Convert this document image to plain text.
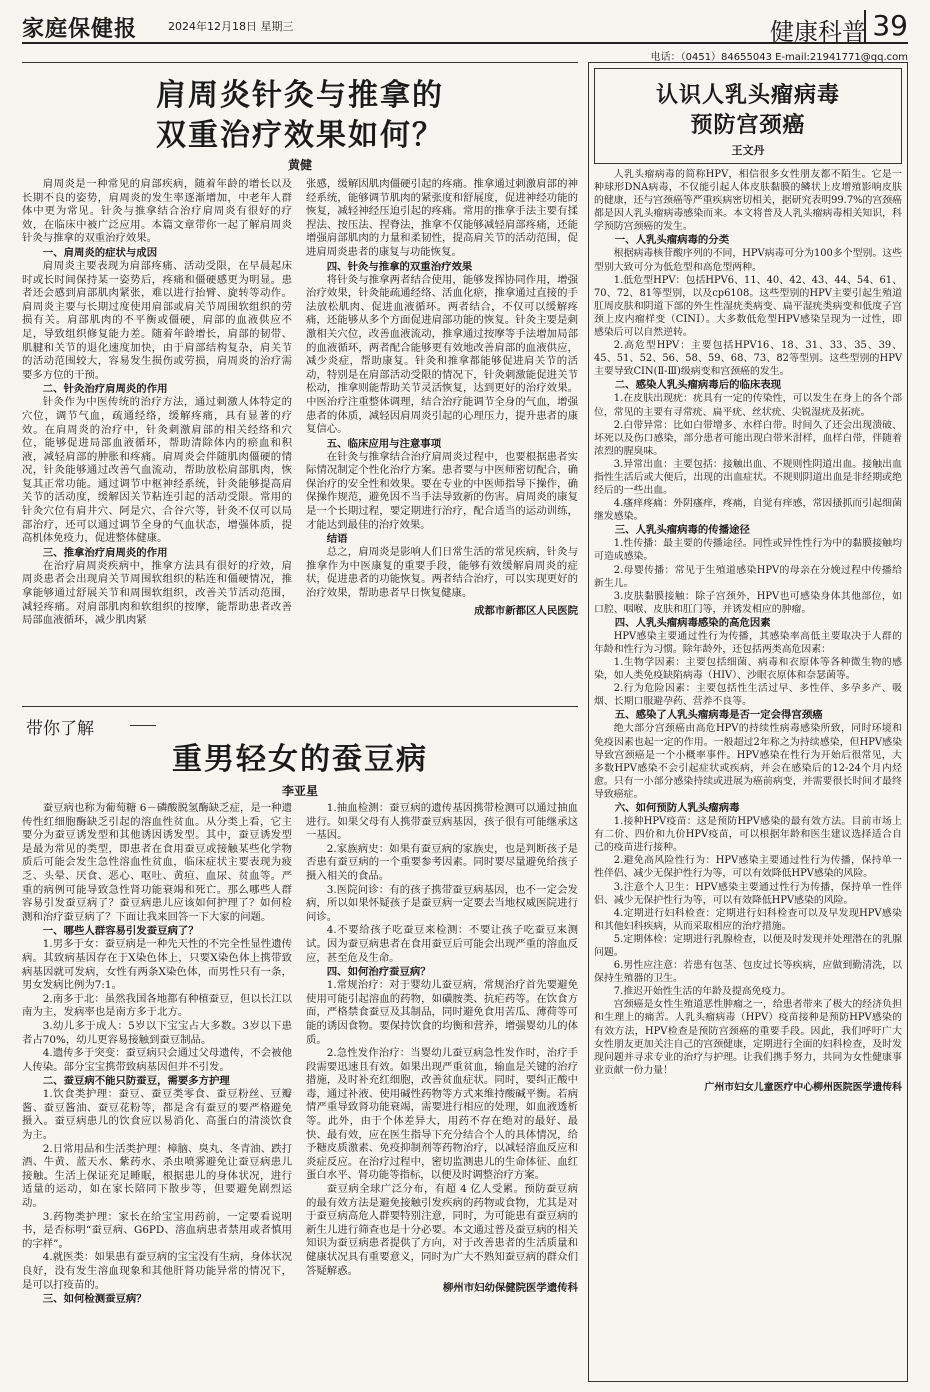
家庭保健报	2024年12月18日 星期三	健康科普 39
电话：（0451）84655043 E-mail:21941771@qq.com
肩周炎针灸与推拿的
双重治疗效果如何？
黄健

肩周炎是一种常见的肩部疾病，随着年龄的增长以及长期不良的姿势，肩周炎的发生率逐渐增加，中老年人群体中更为常见。针灸与推拿结合治疗肩周炎有很好的疗效，在临床中被广泛应用。本篇文章带你一起了解肩周炎针灸与推拿的双重治疗效果。

一、肩周炎的症状与成因

肩周炎主要表现为肩部疼痛、活动受限，在早晨起床时或长时间保持某一姿势后，疼痛和僵硬感更为明显。患者还会感到肩部肌肉紧张，难以进行抬臂、旋转等动作。肩周炎主要与长期过度使用肩部或肩关节周围软组织的劳损有关。肩部肌肉的不平衡或僵硬，肩部的血液供应不足，导致组织修复能力差。随着年龄增长，肩部的韧带、肌腱和关节的退化速度加快，由于肩部结构复杂，肩关节的活动范围较大，容易发生损伤或劳损，肩周炎的治疗需要多方位的干预。

二、针灸治疗肩周炎的作用

针灸作为中医传统的治疗方法，通过刺激人体特定的穴位，调节气血，疏通经络，缓解疼痛，具有显著的疗效。在肩周炎的治疗中，针灸刺激肩部的相关经络和穴位，能够促进局部血液循环，帮助清除体内的瘀血和积液，减轻肩部的肿胀和疼痛。肩周炎会伴随肌肉僵硬的情况，针灸能够通过改善气血流动，帮助放松肩部肌肉，恢复其正常功能。通过调节中枢神经系统，针灸能够提高肩关节的活动度，缓解因关节粘连引起的活动受限。常用的针灸穴位有肩井穴、阿是穴、合谷穴等，针灸不仅可以局部治疗，还可以通过调节全身的气血状态，增强体质，提高机体免疫力，促进整体健康。

三、推拿治疗肩周炎的作用

在治疗肩周炎疾病中，推拿方法具有很好的疗效，肩周炎患者会出现肩关节周围软组织的粘连和僵硬情况，推拿能够通过舒展关节和周围软组织，改善关节活动范围，减轻疼痛。对肩部肌肉和软组织的按摩，能帮助患者改善局部血液循环，减少肌肉紧

张感，缓解因肌肉僵硬引起的疼痛。推拿通过刺激肩部的神经系统，能够调节肌肉的紧张度和舒展度，促进神经功能的恢复，减轻神经压迫引起的疼痛。常用的推拿手法主要有揉捏法、按压法、捏脊法，推拿不仅能够减轻肩部疼痛，还能增强肩部肌肉的力量和柔韧性，提高肩关节的活动范围，促进肩周炎患者的康复与功能恢复。

四、针灸与推拿的双重治疗效果

将针灸与推拿两者结合使用，能够发挥协同作用，增强治疗效果，针灸能疏通经络、活血化瘀，推拿通过直接的手法放松肌肉、促进血液循环。两者结合，不仅可以缓解疼痛，还能够从多个方面促进肩部功能的恢复。针灸主要是刺激相关穴位，改善血液流动，推拿通过按摩等手法增加局部的血液循环，两者配合能够更有效地改善肩部的血液供应，减少炎症，帮助康复。针灸和推拿都能够促进肩关节的活动，特别是在肩部活动受限的情况下，针灸刺激能促进关节松动，推拿则能帮助关节灵活恢复，达到更好的治疗效果。中医治疗注重整体调理，结合治疗能调节全身的气血，增强患者的体质，减轻因肩周炎引起的心理压力，提升患者的康复信心。

五、临床应用与注意事项

在针灸与推拿结合治疗肩周炎过程中，也要根据患者实际情况制定个性化治疗方案。患者要与中医师密切配合，确保治疗的安全性和效果。要在专业的中医师指导下操作，确保操作规范，避免因不当手法导致新的伤害。肩周炎的康复是一个长期过程，要定期进行治疗，配合适当的运动训练，才能达到最佳的治疗效果。

结语

总之，肩周炎是影响人们日常生活的常见疾病，针灸与推拿作为中医康复的重要手段，能够有效缓解肩周炎的症状，促进患者的功能恢复。两者结合治疗，可以实现更好的治疗效果，帮助患者早日恢复健康。

成都市新都区人民医院

带你了解
重男轻女的蚕豆病
李亚星

蚕豆病也称为葡萄糖 6－磷酸脱氢酶缺乏症，是一种遗传性红细胞酶缺乏引起的溶血性贫血。从分类上看，它主要分为蚕豆诱发型和其他诱因诱发型。其中，蚕豆诱发型是最为常见的类型，即患者在食用蚕豆或接触某些化学物质后可能会发生急性溶血性贫血，临床症状主要表现为疲乏、头晕、厌食、恶心、呕吐、黄疸、血尿、贫血等。严重的病例可能导致急性肾功能衰竭和死亡。那么哪些人群容易引发蚕豆病了？蚕豆病患儿应该如何护理了？如何检测和治疗蚕豆病了？下面让我来回答一下大家的问题。

一、哪些人群容易引发蚕豆病了？

1.男多于女：蚕豆病是一种先天性的不完全性显性遗传病。其致病基因存在于X染色体上，只要X染色体上携带致病基因就可发病，女性有两条X染色体，而男性只有一条，男女发病比例为7:1。

2.南多于北：虽然我国各地都有种植蚕豆，但以长江以南为主，发病率也是南方多于北方。

3.幼儿多于成人：5岁以下宝宝占大多数。3岁以下患者占70%，幼儿更容易接触到蚕豆制品。

4.遗传多于突变：蚕豆病只会通过父母遗传，不会被他人传染。部分宝宝携带致病基因但并不引发。

二、蚕豆病不能只防蚕豆，需要多方护理

1.饮食类护理：蚕豆、蚕豆类零食、蚕豆粉丝、豆瓣酱、蚕豆酱油、蚕豆花粉等，都是含有蚕豆的要严格避免摄入。蚕豆病患儿的饮食应以易消化、高蛋白的清淡饮食为主。

2.日常用品和生活类护理：樟脑、臭丸、冬青油、跌打酒、牛黄、蓝天水、紫药水、杀虫喷雾避免让蚕豆病患儿接触。生活上保证充足睡眠，根据患儿的身体状况，进行适量的运动，如在家长陪同下散步等，但要避免剧烈运动。

3.药物类护理：家长在给宝宝用药前，一定要看说明书，是否标明“蚕豆病、G6PD、溶血病患者禁用或者慎用的字样”。

4.就医类：如果患有蚕豆病的宝宝没有生病，身体状况良好，没有发生溶血现象和其他肝肾功能异常的情况下，是可以打疫苗的。

三、如何检测蚕豆病？

1.抽血检测：蚕豆病的遗传基因携带检测可以通过抽血进行。如果父母有人携带蚕豆病基因，孩子很有可能继承这一基因。

2.家族病史：如果有蚕豆病的家族史，也是判断孩子是否患有蚕豆病的一个重要参考因素。同时要尽量避免给孩子摄入相关的食品。

3.医院问诊：有的孩子携带蚕豆病基因，也不一定会发病，所以如果怀疑孩子是蚕豆病一定要去当地权威医院进行问诊。

4.不要给孩子吃蚕豆来检测：不要让孩子吃蚕豆来测试。因为蚕豆病患者在食用蚕豆后可能会出现严重的溶血反应，甚至危及生命。

四、如何治疗蚕豆病？

1.常规治疗：对于婴幼儿蚕豆病，常规治疗首先要避免使用可能引起溶血的药物，如磺胺类、抗疟药等。在饮食方面，严格禁食蚕豆及其制品，同时避免食用苦瓜、薄荷等可能的诱因食物。要保持饮食的均衡和营养，增强婴幼儿的体质。

2.急性发作治疗：当婴幼儿蚕豆病急性发作时，治疗手段需要迅速且有效。如果出现严重贫血，输血是关键的治疗措施，及时补充红细胞，改善贫血症状。同时，要纠正酸中毒，通过补液、使用碱性药物等方式来维持酸碱平衡。若病情严重导致肾功能衰竭，需要进行相应的处理，如血液透析等。此外，由于个体差异大，用药不存在绝对的最好、最快、最有效，应在医生指导下充分结合个人的具体情况，给予糖皮质激素、免疫抑制剂等药物治疗，以减轻溶血反应和炎症反应。在治疗过程中，密切监测患儿的生命体征、血红蛋白水平、肾功能等指标，以便及时调整治疗方案。

蚕豆病全球广泛分布，有超 4 亿人受累。预防蚕豆病的最有效方法是避免接触引发疾病的药物或食物，尤其是对于蚕豆病高危人群要特别注意，同时，为可能患有蚕豆病的新生儿进行筛查也是十分必要。本文通过普及蚕豆病的相关知识为蚕豆病患者提供了方向，对于改善患者的生活质量和健康状况具有重要意义，同时为广大不熟知蚕豆病的群众们答疑解惑。

柳州市妇幼保健院医学遗传科

认识人乳头瘤病毒
预防宫颈癌
王文丹

人乳头瘤病毒的简称HPV，相信很多女性朋友都不陌生。它是一种球形DNA病毒，不仅能引起人体皮肤黏膜的鳞状上皮增殖影响皮肤的健康，还与宫颈癌等严重疾病密切相关，据研究表明99.7%的宫颈癌都是因人乳头瘤病毒感染而来。本文将普及人乳头瘤病毒相关知识，科学预防宫颈癌的发生。

一、人乳头瘤病毒的分类

根据病毒核苷酸序列的不同，HPV病毒可分为100多个型别。这些型别大致可分为低危型和高危型两种。

1.低危型HPV：包括HPV6、11、40、42、43、44、54、61、70、72、81等型别，以及cp6108。这些型别的HPV主要引起生殖道肛周皮肤和阴道下部的外生性湿疣类病变、扁平湿疣类病变和低度子宫颈上皮内瘤样变（CINⅠ）。大多数低危型HPV感染呈现为一过性，即感染后可以自然逆转。

2.高危型HPV：主要包括HPV16、18、31、33、35、39、45、51、52、56、58、59、68、73、82等型别。这些型别的HPV主要导致CIN(Ⅱ-Ⅲ)级病变和宫颈癌的发生。

二、感染人乳头瘤病毒后的临床表现

1.在皮肤出现疣：疣具有一定的传染性，可以发生在身上的各个部位，常见的主要有寻常疣、扁平疣、丝状疣、尖锐湿疣及拓疣。

2.白带异常：比如白带增多、水样白带。时间久了还会出现溃破、坏死以及伤口感染，部分患者可能出现白带米泔样，血样白带，伴随着浓烈的腥臭味。

3.异常出血：主要包括：接触出血、不规则性阴道出血。接触出血指性生活后或大便后，出现的出血症状。不规则阴道出血是非经期或绝经后的一些出血。

4.瘙痒疼痛：外阴瘙痒，疼痛，自觉有痒感，常因搔抓而引起细菌继发感染。

三、人乳头瘤病毒的传播途径

1.性传播：最主要的传播途径。同性或异性性行为中的黏膜接触均可造成感染。

2.母婴传播：常见于生殖道感染HPV的母亲在分娩过程中传播给新生儿。

3.皮肤黏膜接触：除子宫颈外，HPV也可感染身体其他部位，如口腔、咽喉、皮肤和肛门等，并诱发相应的肿瘤。

四、人乳头瘤病毒感染的高危因素

HPV感染主要通过性行为传播，其感染率高低主要取决于人群的年龄和性行为习惯。除年龄外，还包括两类高危因素：

1.生物学因素：主要包括细菌、病毒和衣原体等各种微生物的感染，如人类免疫缺陷病毒（HIV）、沙眼衣原体和奈瑟菌等。

2.行为危险因素：主要包括性生活过早、多性伴、多孕多产、吸烟、长期口服避孕药、营养不良等。

五、感染了人乳头瘤病毒是否一定会得宫颈癌

绝大部分宫颈癌由高危HPV的持续性病毒感染所致，同时环境和免疫因素也起一定的作用。一般超过2年称之为持续感染，但HPV感染导致宫颈癌是一个小概率事件。HPV感染在性行为开始后很常见，大多数HPV感染不会引起症状或疾病，并会在感染后的12-24个月内烃愈。只有一小部分感染持续或进展为癌前病变，并需要很长时间才最终导致癌症。

六、如何预防人乳头瘤病毒

1.接种HPV疫苗：这是预防HPV感染的最有效方法。目前市场上有二价、四价和九价HPV疫苗，可以根据年龄和医生建议选择适合自己的疫苗进行接种。

2.避免高风险性行为：HPV感染主要通过性行为传播，保持单一性伴侣、减少无保护性行为等，可以有效降低HPV感染的风险。

3.注意个人卫生：HPV感染主要通过性行为传播，保持单一性伴侣、减少无保护性行为等，可以有效降低HPV感染的风险。

4.定期进行妇科检查：定期进行妇科检查可以及早发现HPV感染和其他妇科疾病，从而采取相应的治疗措施。

5.定期体检：定期进行乳腺检查，以便及时发现并处理潜在的乳腺问题。

6.男性应注意：若患有包茎、包皮过长等疾病，应做到勤清洗，以保持生殖器的卫生。

7.推迟开始性生活的年龄及提高免疫力。

宫颈癌是女性生殖道恶性肿瘤之一，给患者带来了极大的经济负担和生理上的痛苦。人乳头瘤病毒（HPV）疫苗接种是预防HPV感染的有效方法，HPV检查是预防宫颈癌的重要手段。因此，我们呼吁广大女性朋友更加关注自己的宫颈健康，定期进行全面的妇科检查，及时发现问题并寻求专业的治疗与护理。让我们携手努力，共同为女性健康事业贡献一份力量！

广州市妇女儿童医疗中心柳州医院医学遗传科
